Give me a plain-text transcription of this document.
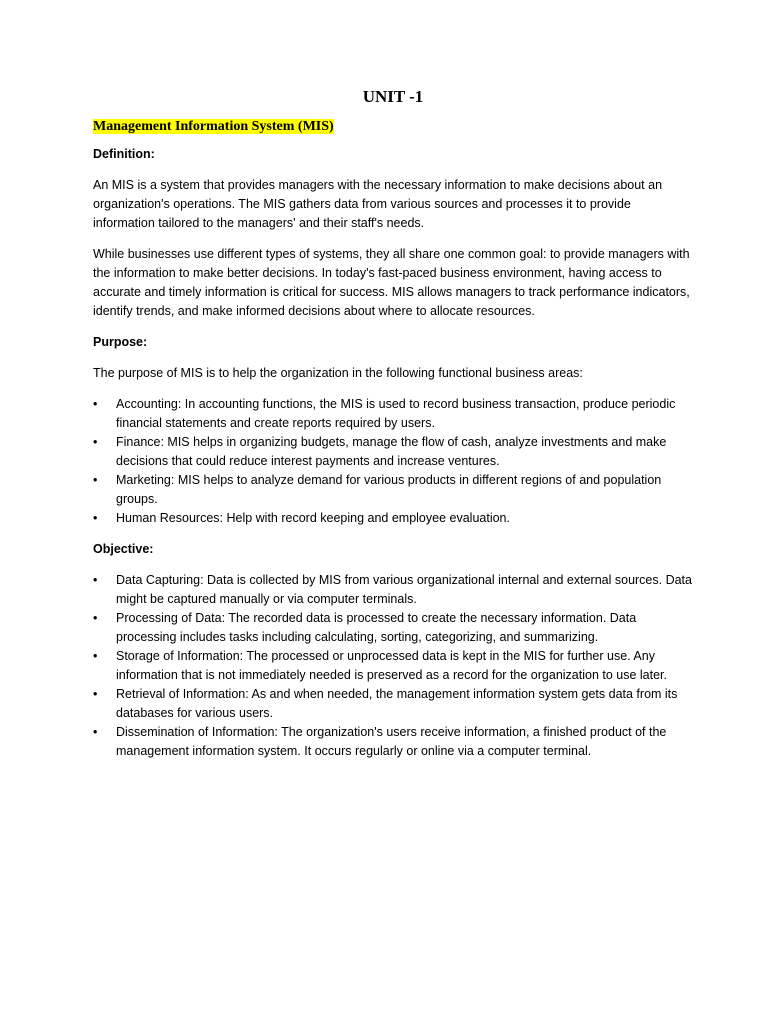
UNIT -1
Management Information System (MIS)
Definition:

An MIS is a system that provides managers with the necessary information to make decisions about an organization's operations. The MIS gathers data from various sources and processes it to provide information tailored to the managers' and their staff's needs.

While businesses use different types of systems, they all share one common goal: to provide managers with the information to make better decisions. In today's fast-paced business environment, having access to accurate and timely information is critical for success. MIS allows managers to track performance indicators, identify trends, and make informed decisions about where to allocate resources.

Purpose:

The purpose of MIS is to help the organization in the following functional business areas:

•	Accounting: In accounting functions, the MIS is used to record business transaction, produce periodic financial statements and create reports required by users.
•	Finance: MIS helps in organizing budgets, manage the flow of cash, analyze investments and make decisions that could reduce interest payments and increase ventures.
•	Marketing: MIS helps to analyze demand for various products in different regions of and population groups.
•	Human Resources: Help with record keeping and employee evaluation.
Objective:
•	Data Capturing: Data is collected by MIS from various organizational internal and external sources. Data might be captured manually or via computer terminals.
•	Processing of Data: The recorded data is processed to create the necessary information. Data processing includes tasks including calculating, sorting, categorizing, and summarizing.
•	Storage of Information: The processed or unprocessed data is kept in the MIS for further use. Any information that is not immediately needed is preserved as a record for the organization to use later.
•	Retrieval of Information: As and when needed, the management information system gets data from its databases for various users.
•	Dissemination of Information: The organization's users receive information, a finished product of the management information system. It occurs regularly or online via a computer terminal.
